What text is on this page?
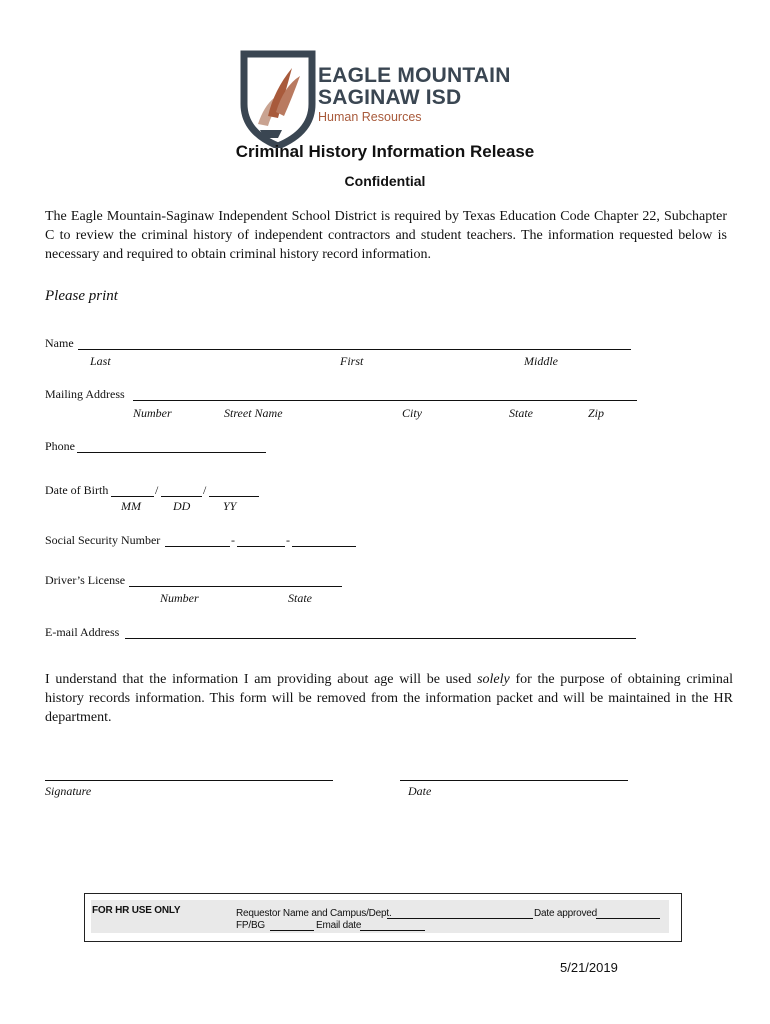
EAGLE MOUNTAIN
SAGINAW ISD
Human Resources
Criminal History Information Release
Confidential
The Eagle Mountain-Saginaw Independent School District is required by Texas Education Code Chapter 22, Subchapter C to review the criminal history of independent contractors and student teachers. The information requested below is necessary and required to obtain criminal history record information.
Please print
Name
Last	First	Middle
Mailing Address
Number	Street Name	City	State	Zip
Phone
Date of Birth	/	/
MM	DD	YY
Social Security Number	-	-
Driver’s License
Number	State
E-mail Address
I understand that the information I am providing about age will be used solely for the purpose of obtaining criminal history records information. This form will be removed from the information packet and will be maintained in the HR department.
Signature	Date
FOR HR USE ONLY	Requestor Name and Campus/Dept.	Date approved
FP/BG	Email date
5/21/2019
